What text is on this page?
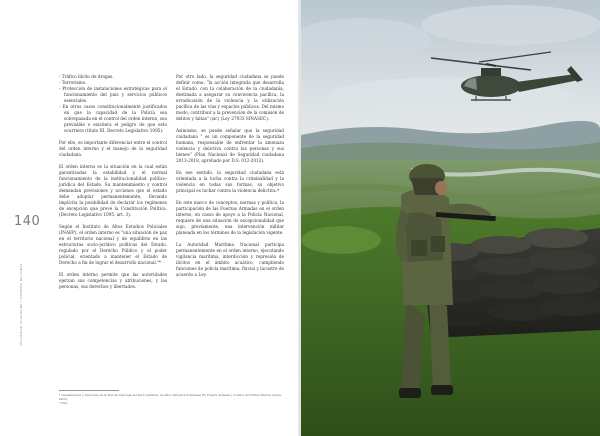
140
SEGURIDAD CIUDADANA Y DEFENSA NACIONAL
- Tráfico ilícito de drogas.
- Terrorismo.
- Protección de instalaciones estratégicas para el funcionamiento del país y servicios públicos esenciales.
- En otros casos constitucionalmente justificados en que la capacidad de la Policía sea sobrepasada en el control del orden interno, sea previsible o existiera el peligro de que esto ocurriera (título III, Decreto Legislativo 1095).

Por ello, es importante diferenciar entre el control del orden interno y el manejo de la seguridad ciudadana.

El orden interno es la situación en la cual están garantizadas la estabilidad y el normal funcionamiento de la institucionalidad político-jurídica del Estado. Su mantenimiento y control demandan previsiones y acciones que el estado debe adoptar permanentemente, llevando implícita la posibilidad de declarar los regímenes de excepción que prevé la Constitución Política. (Decreto Legislativo 1095, art. 3).

Según el Instituto de Altos Estudios Policiales (INAEP), el orden interno es "una situación de paz en el territorio nacional y de equilibrio en las estructuras socio-jurídico políticas del Estado, regulado por el Derecho Público y el poder policial, orientado a mantener el Estado de Derecho a fin de lograr el desarrollo nacional."*

El orden interno permite que las autoridades ejerzan sus competencias y atribuciones, y las personas, sus derechos y libertades.

Por otro lado, la seguridad ciudadana se puede definir como: "la acción integrada que desarrolla el Estado, con la colaboración de la ciudadanía, destinada a asegurar su convivencia pacífica, la erradicación de la violencia y la utilización pacífica de las vías y espacios públicos. Del mismo modo, contribuir a la prevención de la comisión de delitos y faltas" (sic) (Ley 27933 SINASEC).

Asimismo, se puede señalar que la seguridad ciudadana " es un componente de la seguridad humana, responsable de enfrentar la amenaza violencia y delictiva contra las personas y sus bienes" (Plan Nacional de Seguridad ciudadana 2013-2018, aprobado por D.S. 012-2013).

En ese sentido, la seguridad ciudadana está orientada a la lucha contra la criminalidad y la violencia en todas sus formas, su objetivo principal es luchar contra la violencia delictiva.*

En este marco de conceptos, normas y política, la participación de las Fuerzas Armadas en el orden interno, en casos de apoyo a la Policía Nacional, requiere de una situación de excepcionalidad que sujo, previamente, una intervención militar planeada en los términos de la legislación vigente.

La Autoridad Marítima Nacional participa permanentemente en el orden interno, ejecutando vigilancia marítima, interdicción y represión de ilícitos en el ámbito acuático, cumpliendo funciones de policía marítima, fluvial y lacustre de acuerdo a Ley.

* Lineamientos y funciones de la Policía Nacional del Perú (Instituto de Altos Estudios Policiales) En Fuerza Armada y Control del Orden Interno (Lima, Perú).
* Ibíd.
